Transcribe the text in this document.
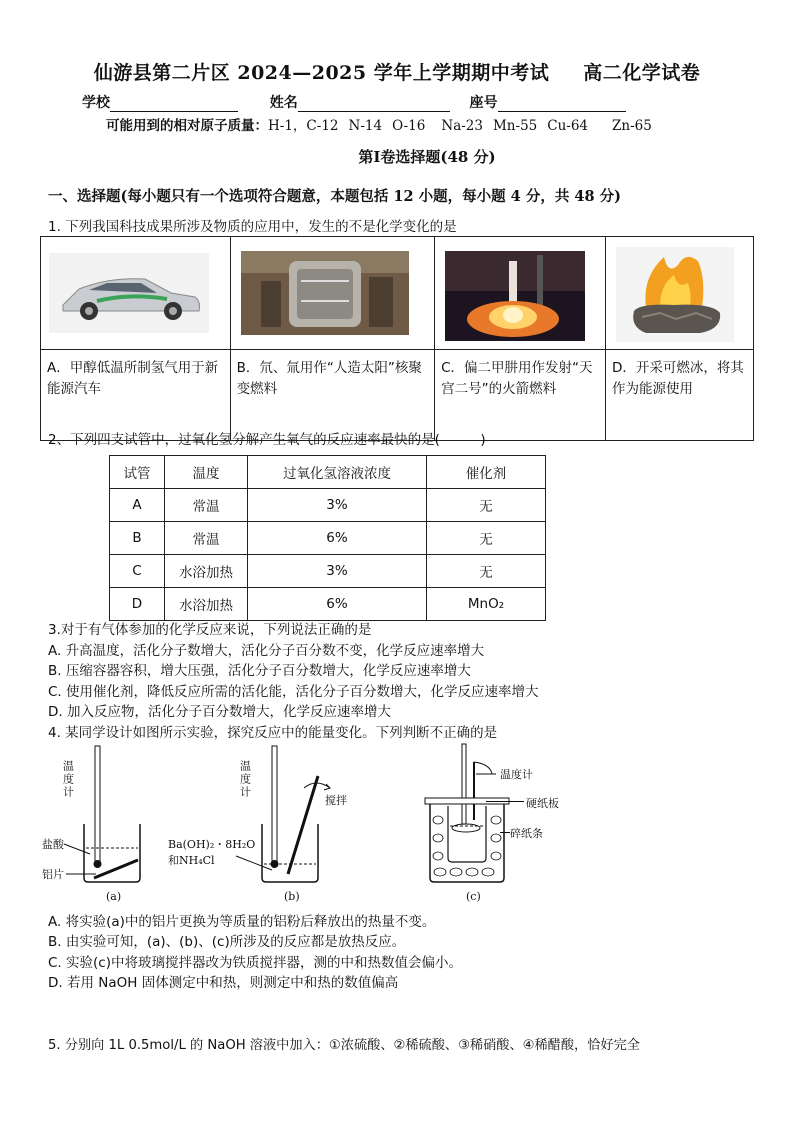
仙游县第二片区 2024—2025 学年上学期期中考试 高二化学试卷
学校	姓名	座号
可能用到的相对原子质量：H-1，C-12 N-14 O-16 Na-23 Mn-55 Cu-64 Zn-65
第Ⅰ卷选择题(48 分)
一、选择题(每小题只有一个选项符合题意，本题包括 12 小题，每小题 4 分，共 48 分)
1. 下列我国科技成果所涉及物质的应用中，发生的不是化学变化的是

A．甲醇低温所制氢气用于新能源汽车	B．氘、氚用作“人造太阳”核聚变燃料	C．偏二甲肼用作发射“天宫二号”的火箭燃料	D．开采可燃冰，将其作为能源使用
2、下列四支试管中，过氧化氢分解产生氧气的反应速率最快的是(　　　)
试管	温度	过氧化氢溶液浓度	催化剂
A	常温	3%	无
B	常温	6%	无
C	水浴加热	3%	无
D	水浴加热	6%	MnO₂
3.对于有气体参加的化学反应来说，下列说法正确的是
A. 升高温度，活化分子数增大，活化分子百分数不变，化学反应速率增大
B. 压缩容器容积，增大压强，活化分子百分数增大，化学反应速率增大
C. 使用催化剂，降低反应所需的活化能，活化分子百分数增大，化学反应速率增大
D. 加入反应物，活化分子百分数增大，化学反应速率增大
4. 某同学设计如图所示实验，探究反应中的能量变化。下列判断不正确的是
温度计
盐酸
铝片
(a)
温度计
搅拌
Ba(OH)₂・8H₂O
和NH₄Cl
(b)
温度计
(c)
硬纸板
碎纸条
A. 将实验(a)中的铝片更换为等质量的铝粉后释放出的热量不变。
B. 由实验可知，(a)、(b)、(c)所涉及的反应都是放热反应。
C. 实验(c)中将玻璃搅拌器改为铁质搅拌器，测的中和热数值会偏小。
D. 若用 NaOH 固体测定中和热，则测定中和热的数值偏高
5. 分别向 1L 0.5mol/L 的 NaOH 溶液中加入：①浓硫酸、②稀硫酸、③稀硝酸、④稀醋酸，恰好完全
